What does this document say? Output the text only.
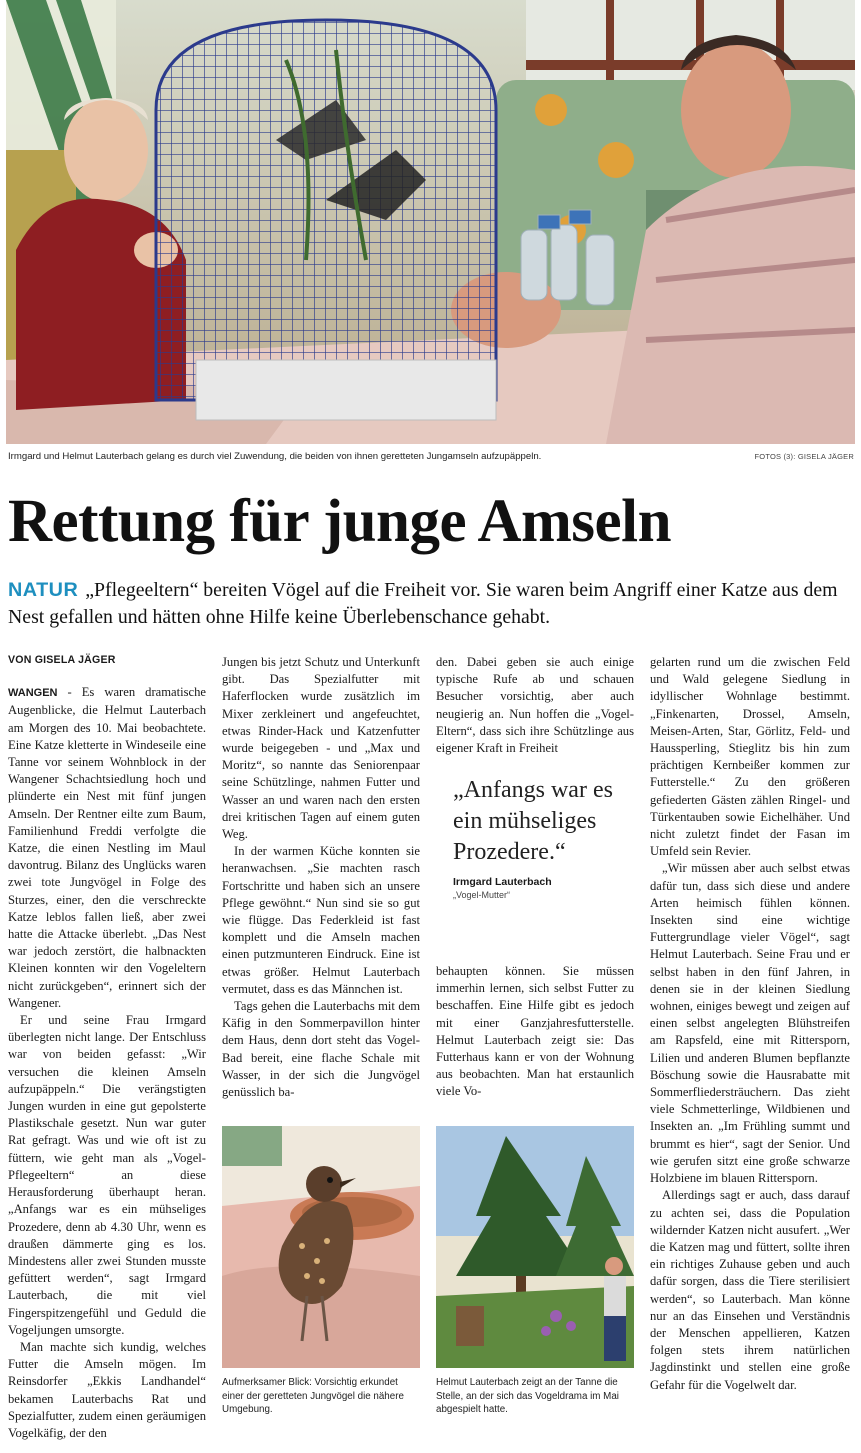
Irmgard und Helmut Lauterbach gelang es durch viel Zuwendung, die beiden von ihnen geretteten Jungamseln aufzupäppeln.	FOTOS (3): GISELA JÄGER
Rettung für junge Amseln
NATUR „Pflegeeltern“ bereiten Vögel auf die Freiheit vor. Sie waren beim Angriff einer Katze aus dem Nest gefallen und hätten ohne Hilfe keine Überlebenschance gehabt.
VON GISELA JÄGER

WANGEN - Es waren dramatische Augenblicke, die Helmut Lauterbach am Morgen des 10. Mai beobachtete. Eine Katze kletterte in Windeseile eine Tanne vor seinem Wohnblock in der Wangener Schachtsiedlung hoch und plünderte ein Nest mit fünf jungen Amseln. Der Rentner eilte zum Baum, Familienhund Freddi verfolgte die Katze, die einen Nestling im Maul davontrug. Bilanz des Unglücks waren zwei tote Jungvögel in Folge des Sturzes, einer, den die verschreckte Katze leblos fallen ließ, aber zwei hatte die Attacke überlebt. „Das Nest war jedoch zerstört, die halbnackten Kleinen konnten wir den Vogeleltern nicht zurückgeben“, erinnert sich der Wangener.

Er und seine Frau Irmgard überlegten nicht lange. Der Entschluss war von beiden gefasst: „Wir versuchen die kleinen Amseln aufzupäppeln.“ Die verängstigten Jungen wurden in eine gut gepolsterte Plastikschale gesetzt. Nun war guter Rat gefragt. Was und wie oft ist zu füttern, wie geht man als „Vogel-Pflegeeltern“ an diese Herausforderung überhaupt heran. „Anfangs war es ein mühseliges Prozedere, denn ab 4.30 Uhr, wenn es draußen dämmerte ging es los. Mindestens aller zwei Stunden musste gefüttert werden“, sagt Irmgard Lauterbach, die mit viel Fingerspitzengefühl und Geduld die Vogeljungen umsorgte.

Man machte sich kundig, welches Futter die Amseln mögen. Im Reinsdorfer „Ekkis Landhandel“ bekamen Lauterbachs Rat und Spezialfutter, zudem einen geräumigen Vogelkäfig, der den

Jungen bis jetzt Schutz und Unterkunft gibt. Das Spezialfutter mit Haferflocken wurde zusätzlich im Mixer zerkleinert und angefeuchtet, etwas Rinder-Hack und Katzenfutter wurde beigegeben - und „Max und Moritz“, so nannte das Seniorenpaar seine Schützlinge, nahmen Futter und Wasser an und waren nach den ersten drei kritischen Tagen auf einem guten Weg.

In der warmen Küche konnten sie heranwachsen. „Sie machten rasch Fortschritte und haben sich an unsere Pflege gewöhnt.“ Nun sind sie so gut wie flügge. Das Federkleid ist fast komplett und die Amseln machen einen putzmunteren Eindruck. Eine ist etwas größer. Helmut Lauterbach vermutet, dass es das Männchen ist.

Tags gehen die Lauterbachs mit dem Käfig in den Sommerpavillon hinter dem Haus, denn dort steht das Vogel-Bad bereit, eine flache Schale mit Wasser, in der sich die Jungvögel genüsslich ba-

den. Dabei geben sie auch einige typische Rufe ab und schauen Besucher vorsichtig, aber auch neugierig an. Nun hoffen die „Vogel-Eltern“, dass sich ihre Schützlinge aus eigener Kraft in Freiheit

„Anfangs war es ein mühseliges Prozedere.“
Irmgard Lauterbach
„Vogel-Mutter“

behaupten können. Sie müssen immerhin lernen, sich selbst Futter zu beschaffen. Eine Hilfe gibt es jedoch mit einer Ganzjahresfutterstelle. Helmut Lauterbach zeigt sie: Das Futterhaus kann er von der Wohnung aus beobachten. Man hat erstaunlich viele Vo-

Aufmerksamer Blick: Vorsichtig erkundet einer der geretteten Jungvögel die nähere Umgebung.
Helmut Lauterbach zeigt an der Tanne die Stelle, an der sich das Vogeldrama im Mai abgespielt hatte.

gelarten rund um die zwischen Feld und Wald gelegene Siedlung in idyllischer Wohnlage bestimmt. „Finkenarten, Drossel, Amseln, Meisen-Arten, Star, Görlitz, Feld- und Haussperling, Stieglitz bis hin zum prächtigen Kernbeißer kommen zur Futterstelle.“ Zu den größeren gefiederten Gästen zählen Ringel- und Türkentauben sowie Eichelhäher. Und nicht zuletzt findet der Fasan im Umfeld sein Revier.

„Wir müssen aber auch selbst etwas dafür tun, dass sich diese und andere Arten heimisch fühlen können. Insekten sind eine wichtige Futtergrundlage vieler Vögel“, sagt Helmut Lauterbach. Seine Frau und er selbst haben in den fünf Jahren, in denen sie in der kleinen Siedlung wohnen, einiges bewegt und zeigen auf einen selbst angelegten Blühstreifen am Rapsfeld, eine mit Rittersporn, Lilien und anderen Blumen bepflanzte Böschung sowie die Hausrabatte mit Sommerfliedersträuchern. Das zieht viele Schmetterlinge, Wildbienen und Insekten an. „Im Frühling summt und brummt es hier“, sagt der Senior. Und wie gerufen sitzt eine große schwarze Holzbiene im blauen Rittersporn.

Allerdings sagt er auch, dass darauf zu achten sei, dass die Population wildernder Katzen nicht ausufert. „Wer die Katzen mag und füttert, sollte ihren ein richtiges Zuhause geben und auch dafür sorgen, dass die Tiere sterilisiert werden“, so Lauterbach. Man könne nur an das Einsehen und Verständnis der Menschen appellieren, Katzen folgen stets ihrem natürlichen Jagdinstinkt und stellen eine große Gefahr für die Vogelwelt dar.
